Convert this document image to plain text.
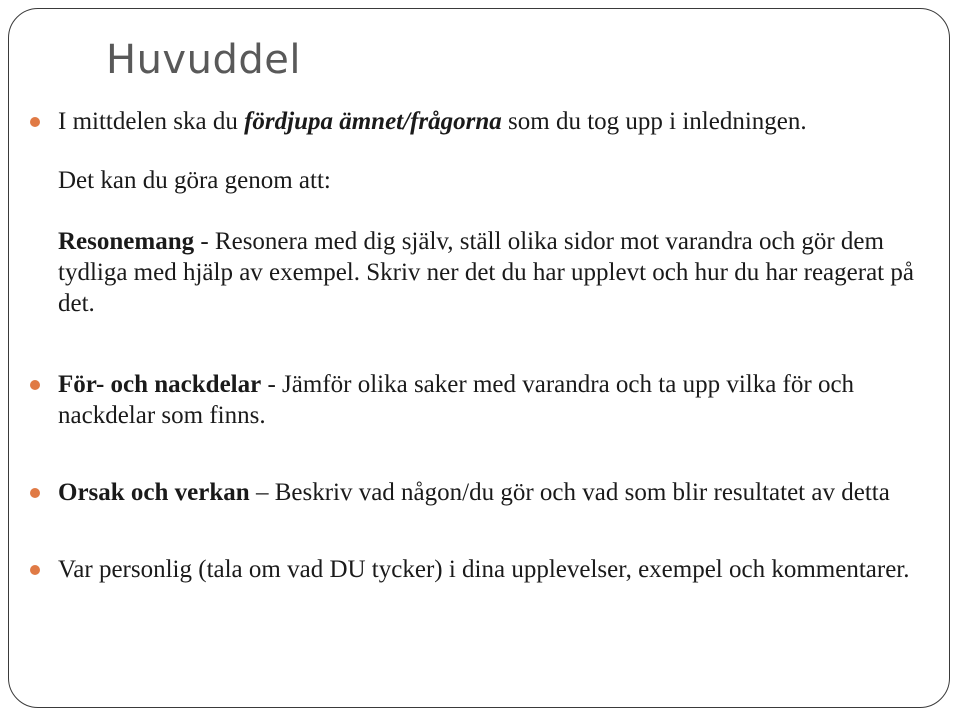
Huvuddel

I mittdelen ska du fördjupa ämnet/frågorna som du tog upp i inledningen.

Det kan du göra genom att:

Resonemang - Resonera med dig själv, ställ olika sidor mot varandra och gör dem tydliga med hjälp av exempel. Skriv ner det du har upplevt och hur du har reagerat på det.

För- och nackdelar - Jämför olika saker med varandra och ta upp vilka för och nackdelar som finns.

Orsak och verkan – Beskriv vad någon/du gör och vad som blir resultatet av detta

Var personlig (tala om vad DU tycker) i dina upplevelser, exempel och kommentarer.
